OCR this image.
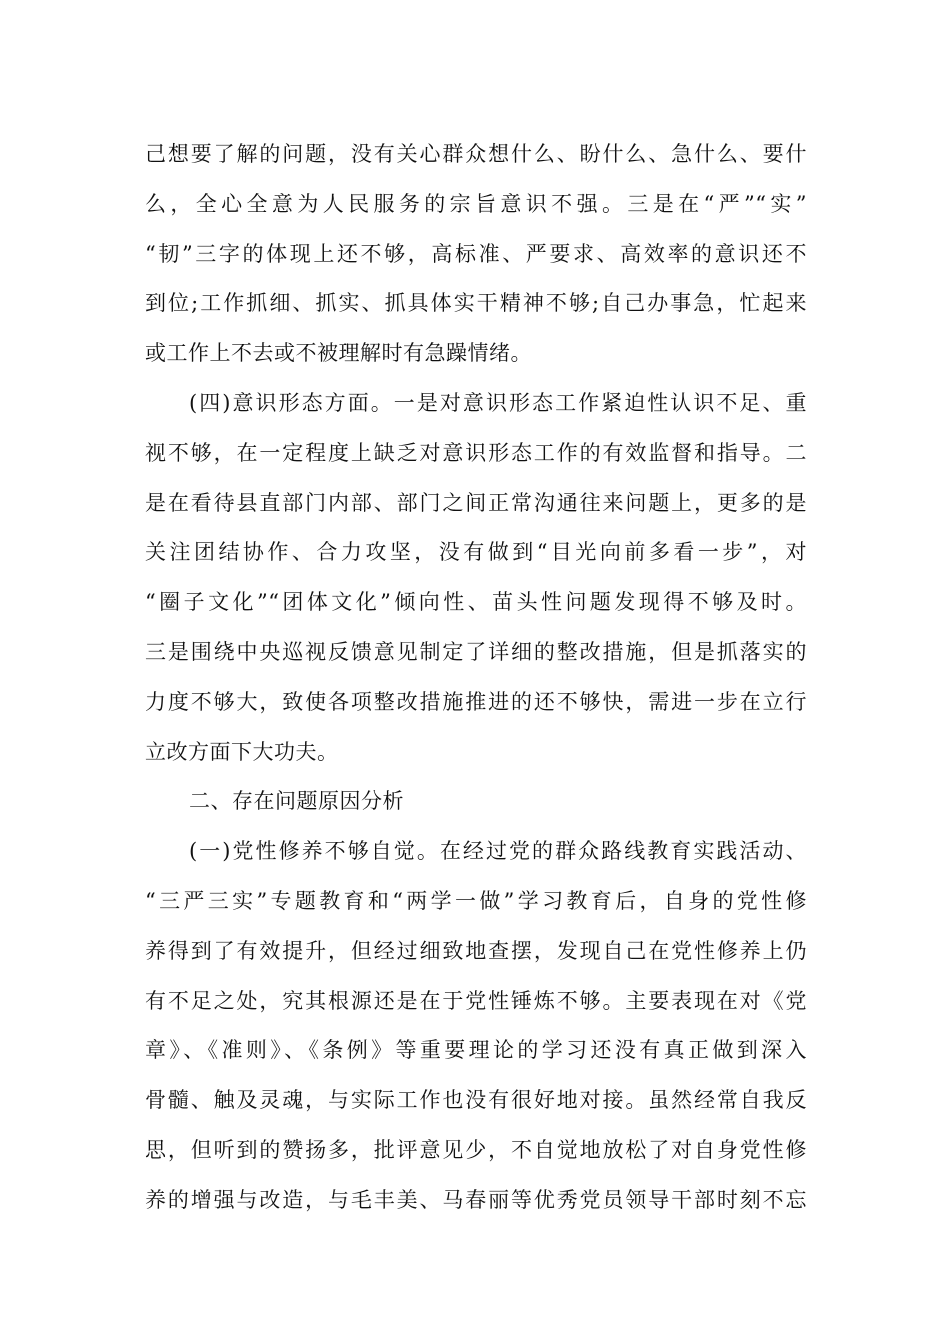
己想要了解的问题，没有关心群众想什么、盼什么、急什么、要什
么，全心全意为人民服务的宗旨意识不强。三是在“严”“实”
“韧”三字的体现上还不够，高标准、严要求、高效率的意识还不
到位;工作抓细、抓实、抓具体实干精神不够;自己办事急，忙起来
或工作上不去或不被理解时有急躁情绪。
(四)意识形态方面。一是对意识形态工作紧迫性认识不足、重
视不够，在一定程度上缺乏对意识形态工作的有效监督和指导。二
是在看待县直部门内部、部门之间正常沟通往来问题上，更多的是
关注团结协作、合力攻坚，没有做到“目光向前多看一步”，对
“圈子文化”“团体文化”倾向性、苗头性问题发现得不够及时。
三是围绕中央巡视反馈意见制定了详细的整改措施，但是抓落实的
力度不够大，致使各项整改措施推进的还不够快，需进一步在立行
立改方面下大功夫。
二、存在问题原因分析
(一)党性修养不够自觉。在经过党的群众路线教育实践活动、
“三严三实”专题教育和“两学一做”学习教育后，自身的党性修
养得到了有效提升，但经过细致地查摆，发现自己在党性修养上仍
有不足之处，究其根源还是在于党性锤炼不够。主要表现在对《党
章》、《准则》、《条例》等重要理论的学习还没有真正做到深入
骨髓、触及灵魂，与实际工作也没有很好地对接。虽然经常自我反
思，但听到的赞扬多，批评意见少，不自觉地放松了对自身党性修
养的增强与改造，与毛丰美、马春丽等优秀党员领导干部时刻不忘
